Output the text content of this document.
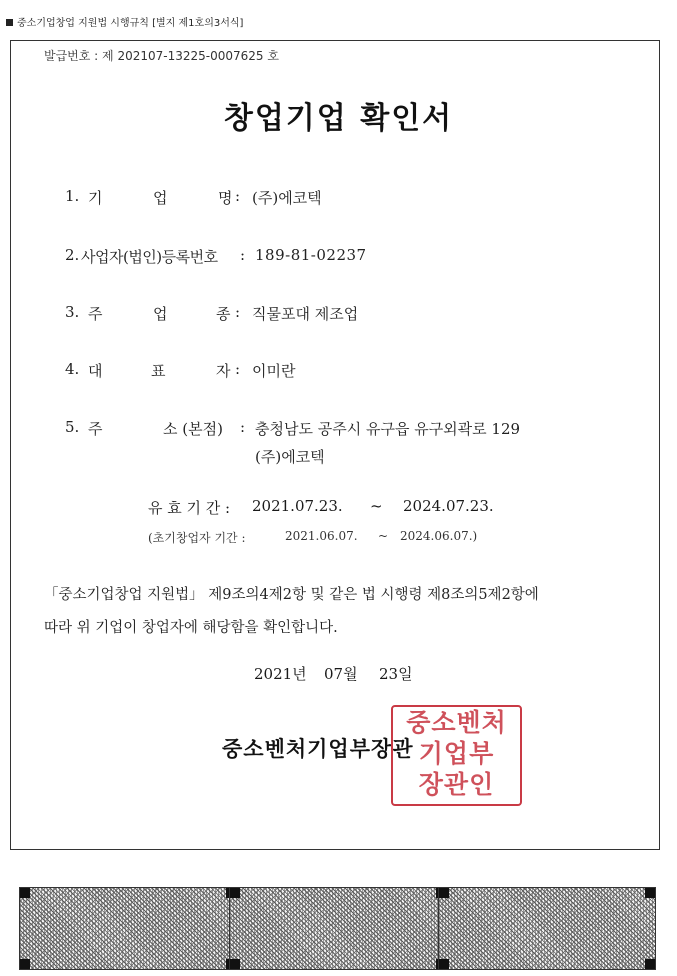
중소기업창업 지원법 시행규칙 [별지 제1호의3서식]
발급번호 : 제 202107-13225-0007625 호
창업기업 확인서
1. 기	업	명 : (주)에코텍
2. 사업자(법인)등록번호 : 189-81-02237
3. 주	업	종 : 직물포대 제조업
4. 대	표	자 : 이미란
5. 주	소 (본점) : 충청남도 공주시 유구읍 유구외곽로 129
(주)에코텍
유 효 기 간 : 2021.07.23. ~ 2024.07.23.
(초기창업자 기간 :	2021.06.07. ~ 2024.06.07.)
「중소기업창업 지원법」 제9조의4제2항 및 같은 법 시행령 제8조의5제2항에
따라 위 기업이 창업자에 해당함을 확인합니다.
2021년 07월 23일
중소벤처기업부장관
중소벤처
기업부
장관인
